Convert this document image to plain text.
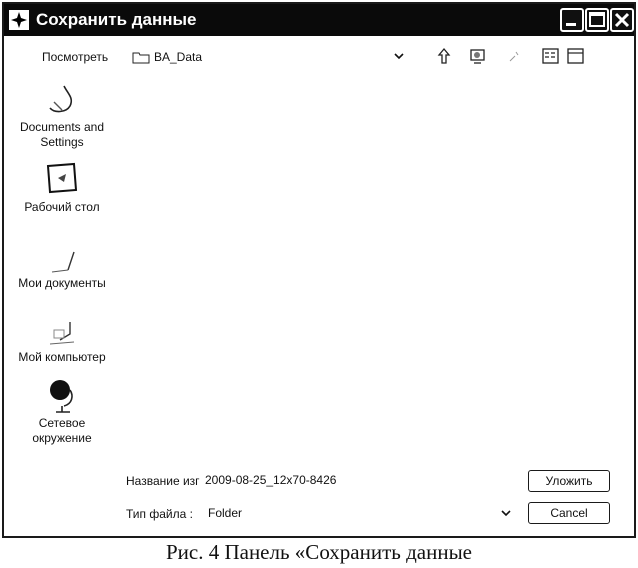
Сохранить данные
Посмотреть	BA_Data
Documents and Settings
Рабочий стол
Мои документы
Мой компьютер
Сетевое окружение
Название изг
2009-08-25_12x70-8426
Тип файла : Folder
Уложить
Cancel
Рис. 4 Панель «Сохранить данные
